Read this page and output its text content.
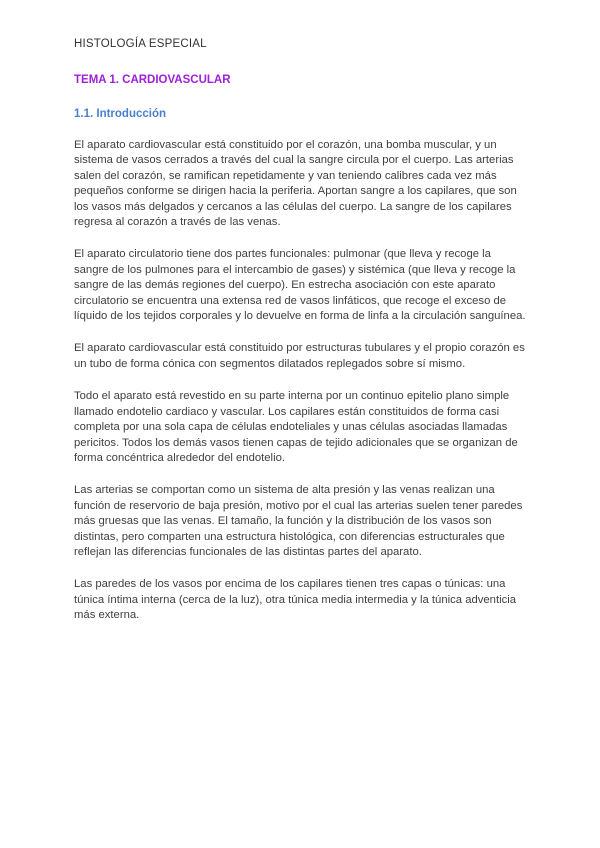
HISTOLOGÍA ESPECIAL

TEMA 1. CARDIOVASCULAR
1.1. Introducción

El aparato cardiovascular está constituido por el corazón, una bomba muscular, y un sistema de vasos cerrados a través del cual la sangre circula por el cuerpo. Las arterias salen del corazón, se ramifican repetidamente y van teniendo calibres cada vez más pequeños conforme se dirigen hacia la periferia. Aportan sangre a los capilares, que son los vasos más delgados y cercanos a las células del cuerpo. La sangre de los capilares regresa al corazón a través de las venas.

El aparato circulatorio tiene dos partes funcionales: pulmonar (que lleva y recoge la sangre de los pulmones para el intercambio de gases) y sistémica (que lleva y recoge la sangre de las demás regiones del cuerpo). En estrecha asociación con este aparato circulatorio se encuentra una extensa red de vasos linfáticos, que recoge el exceso de líquido de los tejidos corporales y lo devuelve en forma de linfa a la circulación sanguínea.

El aparato cardiovascular está constituido por estructuras tubulares y el propio corazón es un tubo de forma cónica con segmentos dilatados replegados sobre sí mismo.

Todo el aparato está revestido en su parte interna por un continuo epitelio plano simple llamado endotelio cardiaco y vascular. Los capilares están constituidos de forma casi completa por una sola capa de células endoteliales y unas células asociadas llamadas pericitos. Todos los demás vasos tienen capas de tejido adicionales que se organizan de forma concéntrica alrededor del endotelio.

Las arterias se comportan como un sistema de alta presión y las venas realizan una función de reservorio de baja presión, motivo por el cual las arterias suelen tener paredes más gruesas que las venas. El tamaño, la función y la distribución de los vasos son distintas, pero comparten una estructura histológica, con diferencias estructurales que reflejan las diferencias funcionales de las distintas partes del aparato.

Las paredes de los vasos por encima de los capilares tienen tres capas o túnicas: una túnica íntima interna (cerca de la luz), otra túnica media intermedia y la túnica adventicia más externa.
